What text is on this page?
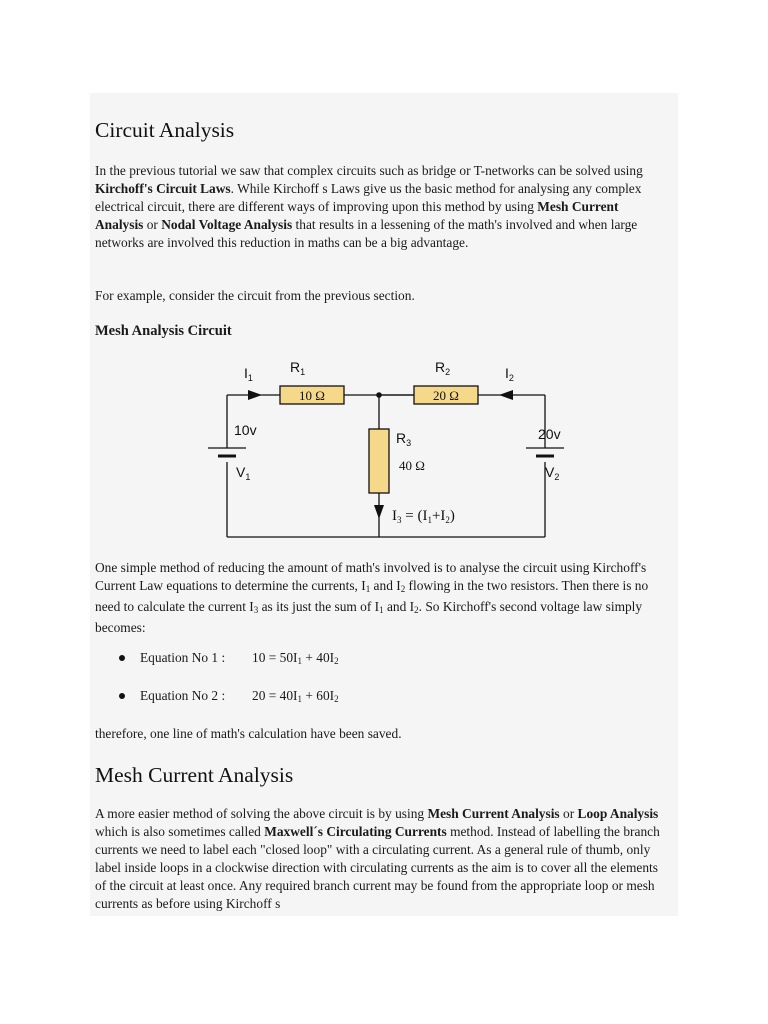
Circuit Analysis

In the previous tutorial we saw that complex circuits such as bridge or T-networks can be solved using Kirchoff's Circuit Laws. While Kirchoff s Laws give us the basic method for analysing any complex electrical circuit, there are different ways of improving upon this method by using Mesh Current Analysis or Nodal Voltage Analysis that results in a lessening of the math's involved and when large networks are involved this reduction in maths can be a big advantage.

For example, consider the circuit from the previous section.

Mesh Analysis Circuit
$I_1$
$R_1$	$R_2$	$I_2$
10v
$V_1$
$R_3$
20v
$V_2$
10 Ω	20 Ω
40 Ω
$I_3 = (I_1+I_2)$

One simple method of reducing the amount of math's involved is to analyse the circuit using Kirchoff's Current Law equations to determine the currents, $I_1$ and $I_2$ flowing in the two resistors. Then there is no need to calculate the current $I_3$ as its just the sum of $I_1$ and $I_2$. So Kirchoff's second voltage law simply becomes:

Equation No 1 : $10 = 50I_1 + 40I_2$
Equation No 2 : $20 = 40I_1 + 60I_2$

therefore, one line of math's calculation have been saved.

Mesh Current Analysis

A more easier method of solving the above circuit is by using Mesh Current Analysis or Loop Analysis which is also sometimes called Maxwell´s Circulating Currents method. Instead of labelling the branch currents we need to label each "closed loop" with a circulating current. As a general rule of thumb, only label inside loops in a clockwise direction with circulating currents as the aim is to cover all the elements of the circuit at least once. Any required branch current may be found from the appropriate loop or mesh currents as before using Kirchoff s
